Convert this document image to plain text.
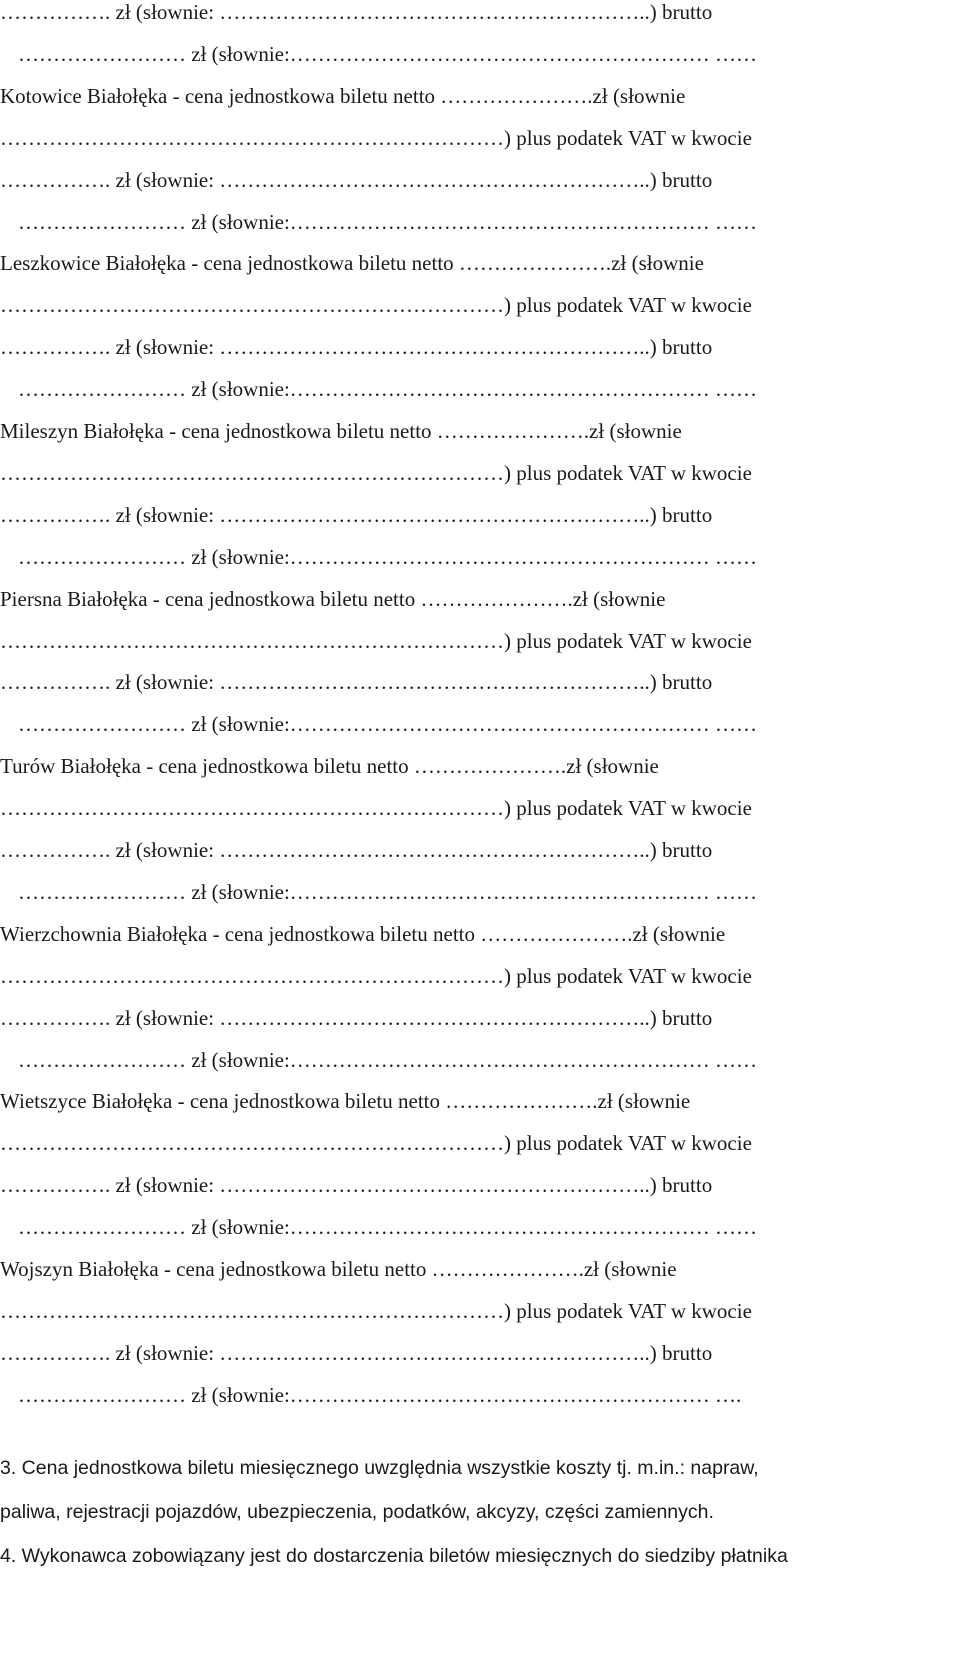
……………. zł (słownie: ……………………………………………………..) brutto
…………………… zł (słownie:…………………………………………………… ……
Kotowice Białołęka - cena jednostkowa biletu netto ………………….zł (słownie
………………………………………………………………) plus podatek VAT w kwocie
……………. zł (słownie: ……………………………………………………..) brutto
…………………… zł (słownie:…………………………………………………… ……
Leszkowice Białołęka - cena jednostkowa biletu netto ………………….zł (słownie
………………………………………………………………) plus podatek VAT w kwocie
……………. zł (słownie: ……………………………………………………..) brutto
…………………… zł (słownie:…………………………………………………… ……
Mileszyn Białołęka - cena jednostkowa biletu netto ………………….zł (słownie
………………………………………………………………) plus podatek VAT w kwocie
……………. zł (słownie: ……………………………………………………..) brutto
…………………… zł (słownie:…………………………………………………… ……
Piersna Białołęka - cena jednostkowa biletu netto ………………….zł (słownie
………………………………………………………………) plus podatek VAT w kwocie
……………. zł (słownie: ……………………………………………………..) brutto
…………………… zł (słownie:…………………………………………………… ……
Turów Białołęka - cena jednostkowa biletu netto ………………….zł (słownie
………………………………………………………………) plus podatek VAT w kwocie
……………. zł (słownie: ……………………………………………………..) brutto
…………………… zł (słownie:…………………………………………………… ……
Wierzchownia Białołęka - cena jednostkowa biletu netto ………………….zł (słownie
………………………………………………………………) plus podatek VAT w kwocie
……………. zł (słownie: ……………………………………………………..) brutto
…………………… zł (słownie:…………………………………………………… ……
Wietszyce Białołęka - cena jednostkowa biletu netto ………………….zł (słownie
………………………………………………………………) plus podatek VAT w kwocie
……………. zł (słownie: ……………………………………………………..) brutto
…………………… zł (słownie:…………………………………………………… ……
Wojszyn Białołęka - cena jednostkowa biletu netto ………………….zł (słownie
………………………………………………………………) plus podatek VAT w kwocie
……………. zł (słownie: ……………………………………………………..) brutto
…………………… zł (słownie:…………………………………………………… ….
3. Cena jednostkowa biletu miesięcznego uwzględnia wszystkie koszty tj. m.in.: napraw,
paliwa, rejestracji pojazdów, ubezpieczenia, podatków, akcyzy, części zamiennych.
4. Wykonawca zobowiązany jest do dostarczenia biletów miesięcznych do siedziby płatnika
